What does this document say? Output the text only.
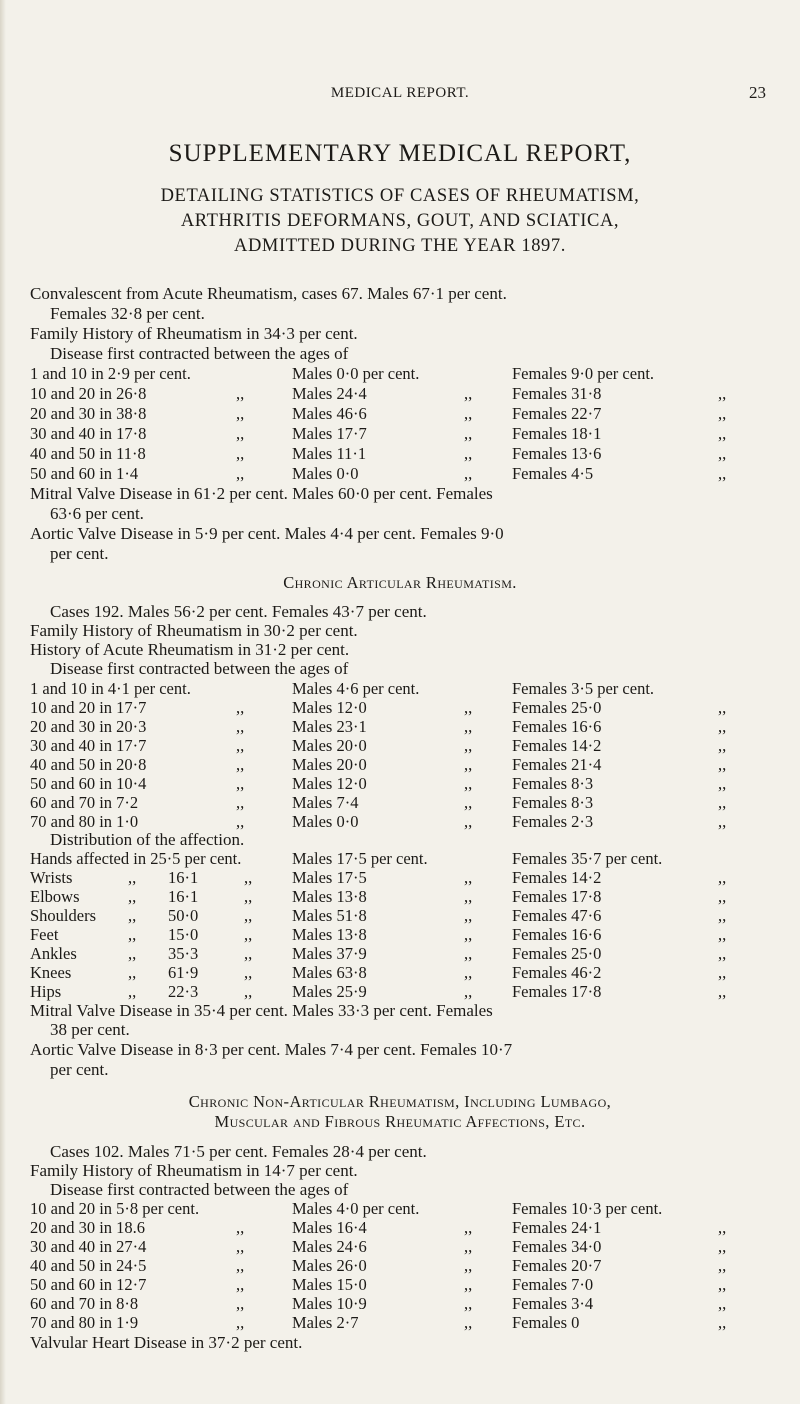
MEDICAL REPORT.	23
SUPPLEMENTARY MEDICAL REPORT,
DETAILING STATISTICS OF CASES OF RHEUMATISM,
ARTHRITIS DEFORMANS, GOUT, AND SCIATICA,
ADMITTED DURING THE YEAR 1897.
Convalescent from Acute Rheumatism, cases 67. Males 67·1 per cent.
Females 32·8 per cent.
Family History of Rheumatism in 34·3 per cent.
Disease first contracted between the ages of
1 and 10 in 2·9 per cent.	Males 0·0 per cent.	Females 9·0 per cent.
10 and 20 in 26·8	,,	Males 24·4	,, Females 31·8	,,
20 and 30 in 38·8	,,	Males 46·6	,, Females 22·7	,,
30 and 40 in 17·8	,,	Males 17·7	,, Females 18·1	,,
40 and 50 in 11·8	,,	Males 11·1	,, Females 13·6	,,
50 and 60 in 1·4	,,	Males 0·0	,, Females 4·5	,,
Mitral Valve Disease in 61·2 per cent. Males 60·0 per cent. Females
63·6 per cent.
Aortic Valve Disease in 5·9 per cent. Males 4·4 per cent. Females 9·0
per cent.
Chronic Articular Rheumatism.
Cases 192. Males 56·2 per cent. Females 43·7 per cent.
Family History of Rheumatism in 30·2 per cent.
History of Acute Rheumatism in 31·2 per cent.
Disease first contracted between the ages of
1 and 10 in 4·1 per cent.	Males 4·6 per cent.	Females 3·5 per cent.
10 and 20 in 17·7	,,	Males 12·0	,, Females 25·0	,,
20 and 30 in 20·3	,,	Males 23·1	,, Females 16·6	,,
30 and 40 in 17·7	,,	Males 20·0	,, Females 14·2	,,
40 and 50 in 20·8	,,	Males 20·0	,, Females 21·4	,,
50 and 60 in 10·4	,,	Males 12·0	,, Females 8·3	,,
60 and 70 in 7·2	,,	Males 7·4	,, Females 8·3	,,
70 and 80 in 1·0	,,	Males 0·0	,, Females 2·3	,,
Distribution of the affection.
Hands affected in 25·5 per cent.	Males 17·5 per cent.	Females 35·7 per cent.
Wrists	,, 16·1	,, Males 17·5	,, Females 14·2	,,
Elbows	,, 16·1	,, Males 13·8	,, Females 17·8	,,
Shoulders ,, 50·0	,, Males 51·8	,, Females 47·6	,,
Feet	,, 15·0	,, Males 13·8	,, Females 16·6	,,
Ankles	,, 35·3	,, Males 37·9	,, Females 25·0	,,
Knees	,, 61·9	,, Males 63·8	,, Females 46·2	,,
Hips	,, 22·3	,, Males 25·9	,, Females 17·8	,,
Mitral Valve Disease in 35·4 per cent. Males 33·3 per cent. Females
38 per cent.
Aortic Valve Disease in 8·3 per cent. Males 7·4 per cent. Females 10·7
per cent.
Chronic Non-Articular Rheumatism, Including Lumbago,
Muscular and Fibrous Rheumatic Affections, Etc.
Cases 102. Males 71·5 per cent. Females 28·4 per cent.
Family History of Rheumatism in 14·7 per cent.
Disease first contracted between the ages of
10 and 20 in 5·8 per cent.	Males 4·0 per cent.	Females 10·3 per cent.
20 and 30 in 18.6	,,	Males 16·4	,, Females 24·1	,,
30 and 40 in 27·4	,,	Males 24·6	,, Females 34·0	,,
40 and 50 in 24·5	,,	Males 26·0	,, Females 20·7	,,
50 and 60 in 12·7	,,	Males 15·0	,, Females 7·0	,,
60 and 70 in 8·8	,,	Males 10·9	,, Females 3·4	,,
70 and 80 in 1·9	,,	Males 2·7	,, Females 0	,,
Valvular Heart Disease in 37·2 per cent.
